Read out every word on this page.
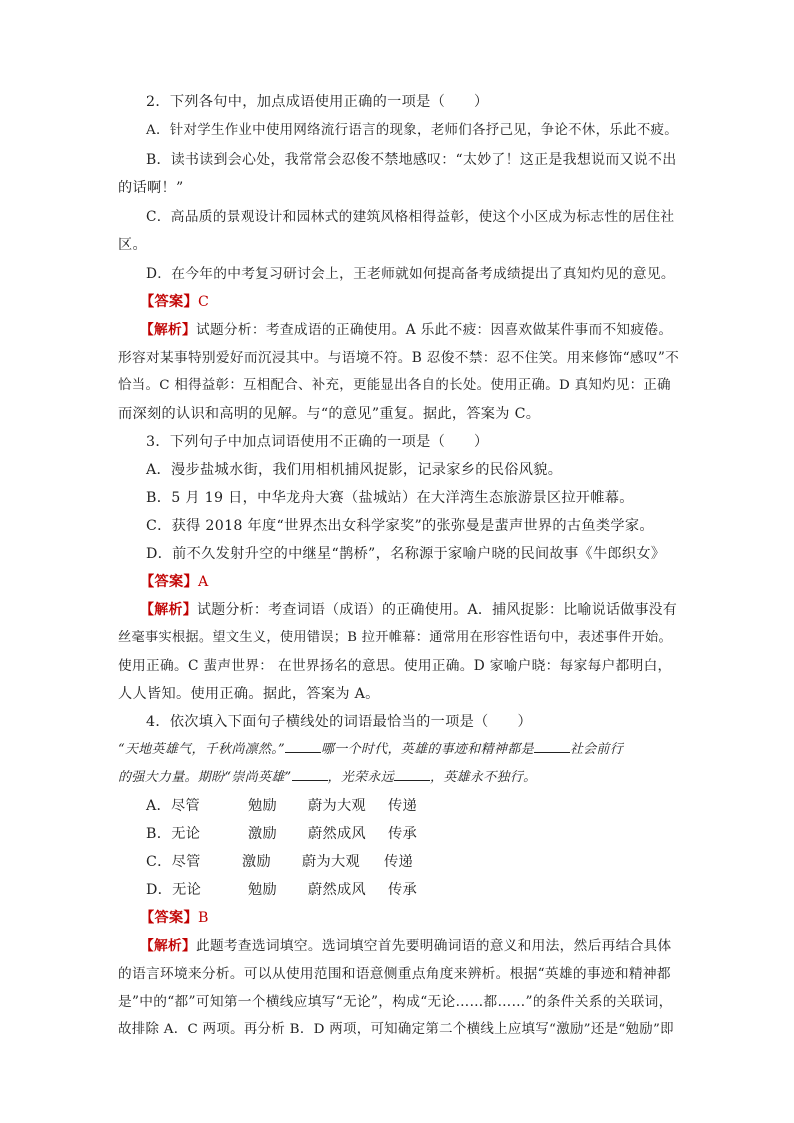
2．下列各句中，加点成语使用正确的一项是（　　）
A．针对学生作业中使用网络流行语言的现象，老师们各抒己见，争论不休，乐此不疲。
B．读书读到会心处，我常常会忍俊不禁地感叹：“太妙了！这正是我想说而又说不出
的话啊！”
C．高品质的景观设计和园林式的建筑风格相得益彰，使这个小区成为标志性的居住社
区。
D．在今年的中考复习研讨会上，王老师就如何提高备考成绩提出了真知灼见的意见。
【答案】C
【解析】试题分析：考查成语的正确使用。A 乐此不疲：因喜欢做某件事而不知疲倦。
形容对某事特别爱好而沉浸其中。与语境不符。B 忍俊不禁：忍不住笑。用来修饰“感叹”不
恰当。C 相得益彰：互相配合、补充，更能显出各自的长处。使用正确。D 真知灼见：正确
而深刻的认识和高明的见解。与“的意见”重复。据此，答案为 C。
3．下列句子中加点词语使用不正确的一项是（　　）
A．漫步盐城水街，我们用相机捕风捉影，记录家乡的民俗风貌。
B．5 月 19 日，中华龙舟大赛（盐城站）在大洋湾生态旅游景区拉开帷幕。
C．获得 2018 年度“世界杰出女科学家奖”的张弥曼是蜚声世界的古鱼类学家。
D．前不久发射升空的中继星“鹊桥”，名称源于家喻户晓的民间故事《牛郎织女》
【答案】A
【解析】试题分析：考查词语（成语）的正确使用。A．捕风捉影：比喻说话做事没有
丝毫事实根据。望文生义，使用错误；B 拉开帷幕：通常用在形容性语句中，表述事件开始。
使用正确。C 蜚声世界： 在世界扬名的意思。使用正确。D 家喻户晓：每家每户都明白，
人人皆知。使用正确。据此，答案为 A。
4．依次填入下面句子横线处的词语最恰当的一项是（　　）
“天地英雄气，千秋尚凛然。”	哪一个时代，英雄的事迹和精神都是	社会前行
的强大力量。期盼“崇尚英雄”	，光荣永远	，英雄永不独行。
A．尽管	勉励 蔚为大观 传递
B．无论	激励 蔚然成风 传承
C．尽管	激励 蔚为大观 传递
D．无论	勉励 蔚然成风 传承
【答案】B
【解析】此题考查选词填空。选词填空首先要明确词语的意义和用法，然后再结合具体
的语言环境来分析。可以从使用范围和语意侧重点角度来辨析。根据“英雄的事迹和精神都
是”中的“都”可知第一个横线应填写“无论”，构成“无论……都……”的条件关系的关联词，
故排除 A．C 两项。再分析 B．D 两项，可知确定第二个横线上应填写“激励”还是“勉励”即
